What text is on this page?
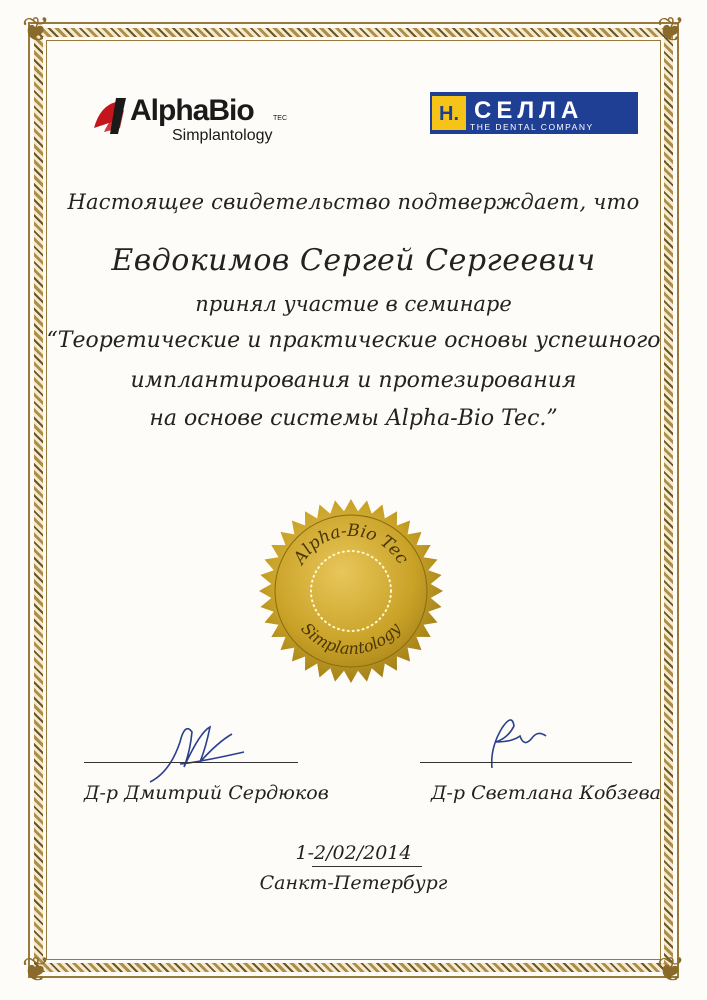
❦	❦
❦	❦
AlphaBio	TEC
Simplantology
Н. СЕЛЛА
THE DENTAL COMPANY
Настоящее свидетельство подтверждает, что
Евдокимов Сергей Сергеевич
принял участие в семинаре
“Теоретические и практические основы успешного
имплантирования и протезирования
на основе системы Alpha-Bio Tec.”
Alpha-Bio Tec
Simplantology
Д-р Дмитрий Сердюков	Д-р Светлана Кобзева
1-2/02/2014
Санкт-Петербург
